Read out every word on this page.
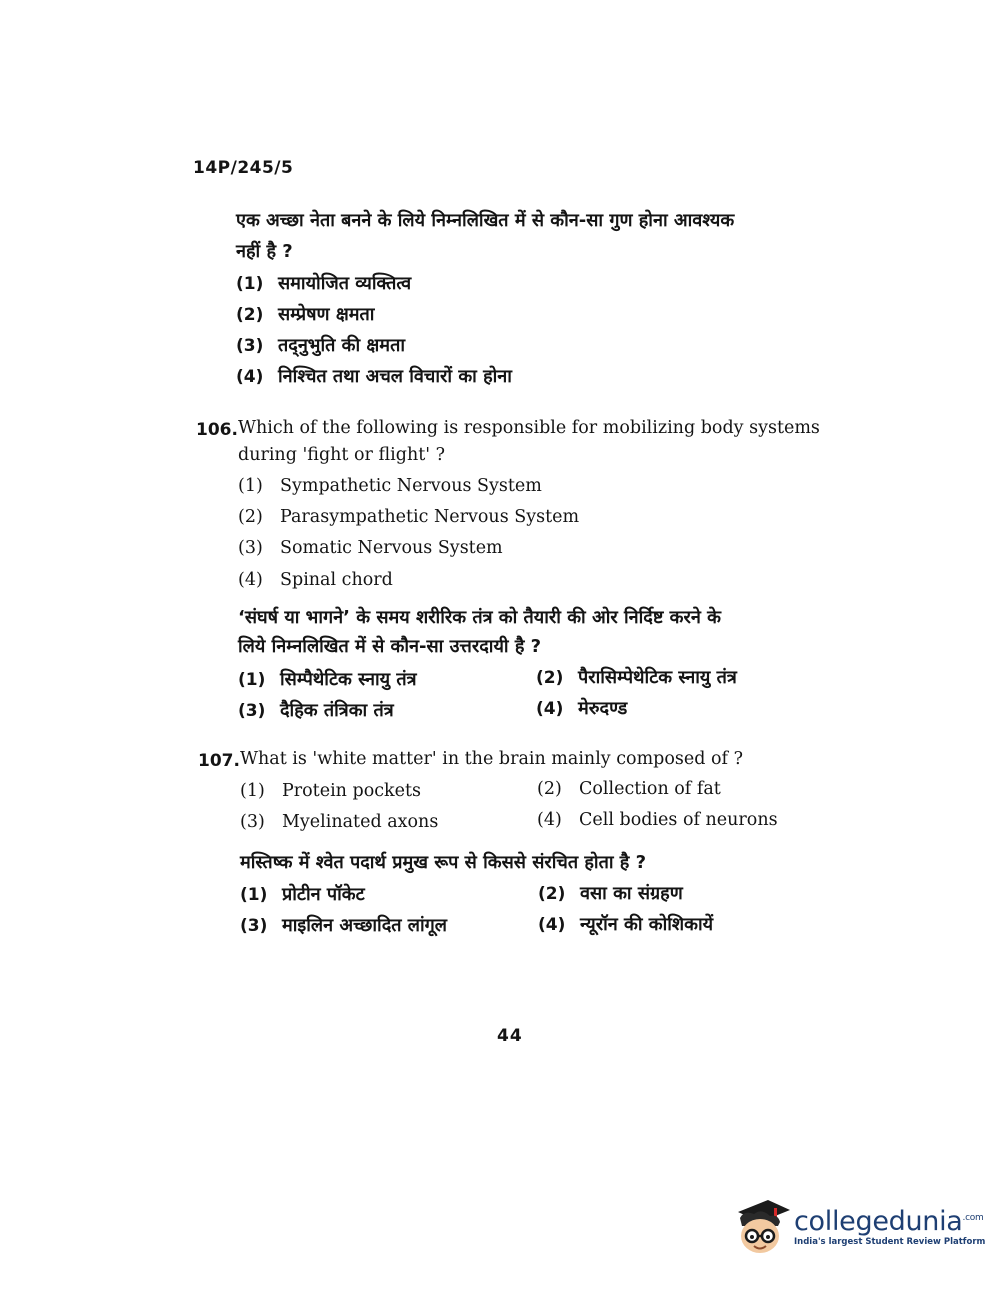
14P/245/5
एक अच्छा नेता बनने के लिये निम्नलिखित में से कौन-सा गुण होना आवश्यक
नहीं है ?
(1) समायोजित व्यक्तित्व
(2) सम्प्रेषण क्षमता
(3) तद्नुभुति की क्षमता
(4) निश्चित तथा अचल विचारों का होना
106. Which of the following is responsible for mobilizing body systems
during 'fight or flight' ?
(1) Sympathetic Nervous System
(2) Parasympathetic Nervous System
(3) Somatic Nervous System
(4) Spinal chord
‘संघर्ष या भागने’ के समय शरीरिक तंत्र को तैयारी की ओर निर्दिष्ट करने के
लिये निम्नलिखित में से कौन-सा उत्तरदायी है ?
(1) सिम्पैथेटिक स्नायु तंत्र	(2) पैरासिम्पेथेटिक स्नायु तंत्र
(3) दैहिक तंत्रिका तंत्र	(4) मेरुदण्ड
107. What is 'white matter' in the brain mainly composed of ?
(1) Protein pockets	(2) Collection of fat
(3) Myelinated axons	(4) Cell bodies of neurons
मस्तिष्क में श्वेत पदार्थ प्रमुख रूप से किससे संरचित होता है ?
(1) प्रोटीन पॉकेट	(2) वसा का संग्रहण
(3) माइलिन अच्छादित लांगूल	(4) न्यूरॉन की कोशिकायें
44
collegedunia$^{.com}$
India's largest Student Review Platform
